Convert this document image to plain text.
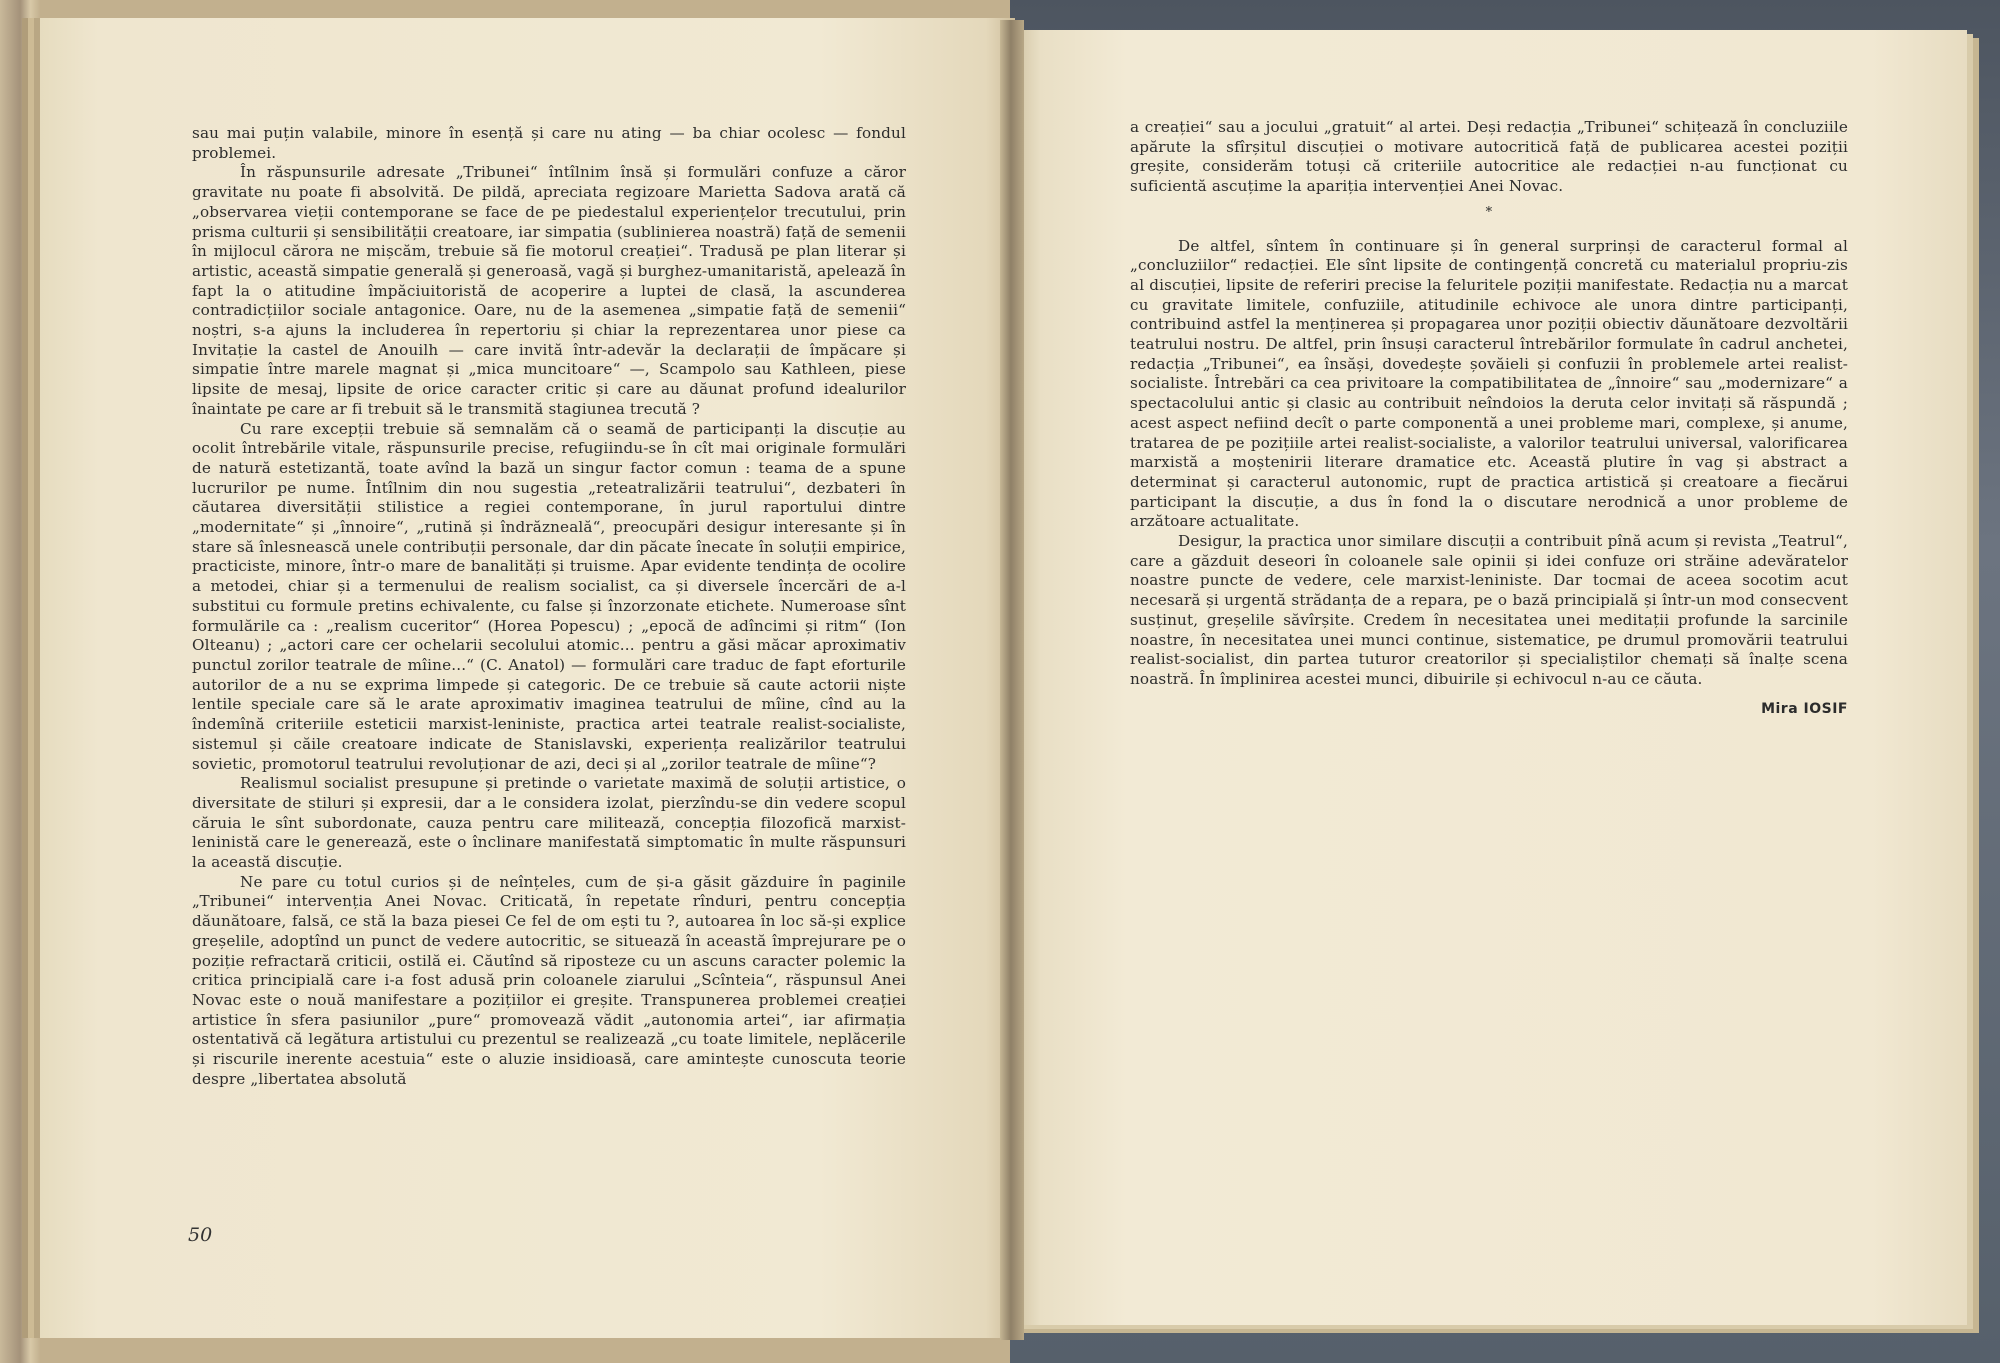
sau mai puțin valabile, minore în esență și care nu ating — ba chiar ocolesc — fondul problemei.

În răspunsurile adresate „Tribunei“ întîlnim însă și formulări confuze a căror gravitate nu poate fi absolvită. De pildă, apreciata regizoare Marietta Sadova arată că „observarea vieții contemporane se face de pe piedestalul experiențelor trecutului, prin prisma culturii și sensibilității creatoare, iar simpatia (sublinierea noastră) față de semenii în mijlocul cărora ne mișcăm, trebuie să fie motorul creației“. Tradusă pe plan literar și artistic, această simpatie generală și generoasă, vagă și burghez-umanitaristă, apelează în fapt la o atitudine împăciuitoristă de acoperire a luptei de clasă, la ascunderea contradicțiilor sociale antagonice. Oare, nu de la asemenea „simpatie față de semenii“ noștri, s-a ajuns la includerea în repertoriu și chiar la reprezentarea unor piese ca Invitație la castel de Anouilh — care invită într-adevăr la declarații de împăcare și simpatie între marele magnat și „mica muncitoare“ —, Scampolo sau Kathleen, piese lipsite de mesaj, lipsite de orice caracter critic și care au dăunat profund idealurilor înaintate pe care ar fi trebuit să le transmită stagiunea trecută ?

Cu rare excepții trebuie să semnalăm că o seamă de participanți la discuție au ocolit întrebările vitale, răspunsurile precise, refugiindu-se în cît mai originale formulări de natură estetizantă, toate avînd la bază un singur factor comun : teama de a spune lucrurilor pe nume. Întîlnim din nou sugestia „reteatralizării teatrului“, dezbateri în căutarea diversității stilistice a regiei contemporane, în jurul raportului dintre „modernitate“ și „înnoire“, „rutină și îndrăzneală“, preocupări desigur interesante și în stare să înlesnească unele contribuții personale, dar din păcate înecate în soluții empirice, practiciste, minore, într-o mare de banalități și truisme. Apar evidente tendința de ocolire a metodei, chiar și a termenului de realism socialist, ca și diversele încercări de a-l substitui cu formule pretins echivalente, cu false și înzorzonate etichete. Numeroase sînt formulările ca : „realism cuceritor“ (Horea Popescu) ; „epocă de adîncimi și ritm“ (Ion Olteanu) ; „actori care cer ochelarii secolului atomic... pentru a găsi măcar aproximativ punctul zorilor teatrale de mîine...“ (C. Anatol) — formulări care traduc de fapt eforturile autorilor de a nu se exprima limpede și categoric. De ce trebuie să caute actorii niște lentile speciale care să le arate aproximativ imaginea teatrului de mîine, cînd au la îndemînă criteriile esteticii marxist-leniniste, practica artei teatrale realist-socialiste, sistemul și căile creatoare indicate de Stanislavski, experiența realizărilor teatrului sovietic, promotorul teatrului revoluționar de azi, deci și al „zorilor teatrale de mîine“?

Realismul socialist presupune și pretinde o varietate maximă de soluții artistice, o diversitate de stiluri și expresii, dar a le considera izolat, pierzîndu-se din vedere scopul căruia le sînt subordonate, cauza pentru care militează, concepția filozofică marxist-leninistă care le generează, este o înclinare manifestată simptomatic în multe răspunsuri la această discuție.

Ne pare cu totul curios și de neînțeles, cum de și-a găsit găzduire în paginile „Tribunei“ intervenția Anei Novac. Criticată, în repetate rînduri, pentru concepția dăunătoare, falsă, ce stă la baza piesei Ce fel de om ești tu ?, autoarea în loc să-și explice greșelile, adoptînd un punct de vedere autocritic, se situează în această împrejurare pe o poziție refractară criticii, ostilă ei. Căutînd să riposteze cu un ascuns caracter polemic la critica principială care i-a fost adusă prin coloanele ziarului „Scînteia“, răspunsul Anei Novac este o nouă manifestare a pozițiilor ei greșite. Transpunerea problemei creației artistice în sfera pasiunilor „pure“ promovează vădit „autonomia artei“, iar afirmația ostentativă că legătura artistului cu prezentul se realizează „cu toate limitele, neplăcerile și riscurile inerente acestuia“ este o aluzie insidioasă, care amintește cunoscuta teorie despre „libertatea absolută

50

a creației“ sau a jocului „gratuit“ al artei. Deși redacția „Tribunei“ schițează în concluziile apărute la sfîrșitul discuției o motivare autocritică față de publicarea acestei poziții greșite, considerăm totuși că criteriile autocritice ale redacției n-au funcționat cu suficientă ascuțime la apariția intervenției Anei Novac.

*

De altfel, sîntem în continuare și în general surprinși de caracterul formal al „concluziilor“ redacției. Ele sînt lipsite de contingență concretă cu materialul propriu-zis al discuției, lipsite de referiri precise la feluritele poziții manifestate. Redacția nu a marcat cu gravitate limitele, confuziile, atitudinile echivoce ale unora dintre participanți, contribuind astfel la menținerea și propagarea unor poziții obiectiv dăunătoare dezvoltării teatrului nostru. De altfel, prin însuși caracterul întrebărilor formulate în cadrul anchetei, redacția „Tribunei“, ea însăși, dovedește șovăieli și confuzii în problemele artei realist-socialiste. Întrebări ca cea privitoare la compatibilitatea de „înnoire“ sau „modernizare“ a spectacolului antic și clasic au contribuit neîndoios la deruta celor invitați să răspundă ; acest aspect nefiind decît o parte componentă a unei probleme mari, complexe, și anume, tratarea de pe pozițiile artei realist-socialiste, a valorilor teatrului universal, valorificarea marxistă a moștenirii literare dramatice etc. Această plutire în vag și abstract a determinat și caracterul autonomic, rupt de practica artistică și creatoare a fiecărui participant la discuție, a dus în fond la o discutare nerodnică a unor probleme de arzătoare actualitate.

Desigur, la practica unor similare discuții a contribuit pînă acum și revista „Teatrul“, care a găzduit deseori în coloanele sale opinii și idei confuze ori străine adevăratelor noastre puncte de vedere, cele marxist-leniniste. Dar tocmai de aceea socotim acut necesară și urgentă strădanța de a repara, pe o bază principială și într-un mod consecvent susținut, greșelile săvîrșite. Credem în necesitatea unei meditații profunde la sarcinile noastre, în necesitatea unei munci continue, sistematice, pe drumul promovării teatrului realist-socialist, din partea tuturor creatorilor și specialiștilor chemați să înalțe scena noastră. În împlinirea acestei munci, dibuirile și echivocul n-au ce căuta.

Mira IOSIF
